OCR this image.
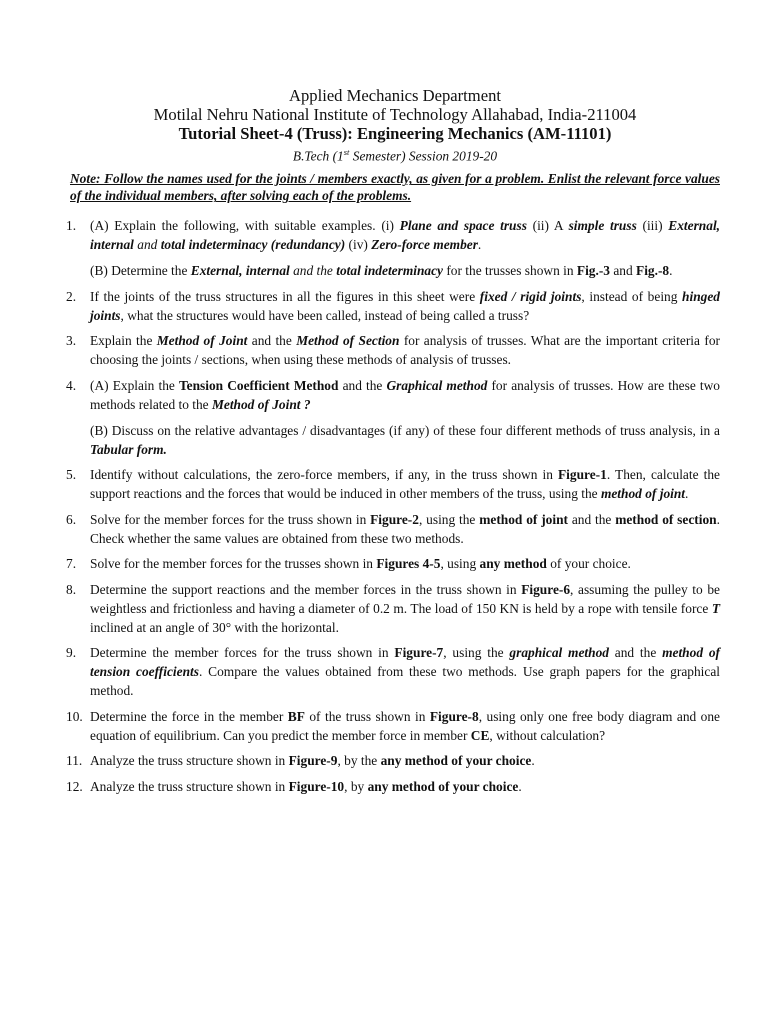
Applied Mechanics Department
Motilal Nehru National Institute of Technology Allahabad, India-211004
Tutorial Sheet-4 (Truss): Engineering Mechanics (AM-11101)
B.Tech (1st Semester) Session 2019-20
Note: Follow the names used for the joints / members exactly, as given for a problem. Enlist the relevant force values of the individual members, after solving each of the problems.
1.	(A) Explain the following, with suitable examples. (i) Plane and space truss (ii) A simple truss (iii) External, internal and total indeterminacy (redundancy) (iv) Zero-force member.

(B) Determine the External, internal and the total indeterminacy for the trusses shown in Fig.-3 and Fig.-8.

2.	If the joints of the truss structures in all the figures in this sheet were fixed / rigid joints, instead of being hinged joints, what the structures would have been called, instead of being called a truss?

3.	Explain the Method of Joint and the Method of Section for analysis of trusses. What are the important criteria for choosing the joints / sections, when using these methods of analysis of trusses.

4.	(A) Explain the Tension Coefficient Method and the Graphical method for analysis of trusses. How are these two methods related to the Method of Joint ?

(B) Discuss on the relative advantages / disadvantages (if any) of these four different methods of truss analysis, in a Tabular form.

5.	Identify without calculations, the zero-force members, if any, in the truss shown in Figure-1. Then, calculate the support reactions and the forces that would be induced in other members of the truss, using the method of joint.

6.	Solve for the member forces for the truss shown in Figure-2, using the method of joint and the method of section. Check whether the same values are obtained from these two methods.

7.	Solve for the member forces for the trusses shown in Figures 4-5, using any method of your choice.

8.	Determine the support reactions and the member forces in the truss shown in Figure-6, assuming the pulley to be weightless and frictionless and having a diameter of 0.2 m. The load of 150 KN is held by a rope with tensile force T inclined at an angle of 30° with the horizontal.

9.	Determine the member forces for the truss shown in Figure-7, using the graphical method and the method of tension coefficients. Compare the values obtained from these two methods. Use graph papers for the graphical method.

10. Determine the force in the member BF of the truss shown in Figure-8, using only one free body diagram and one equation of equilibrium. Can you predict the member force in member CE, without calculation?

11. Analyze the truss structure shown in Figure-9, by the any method of your choice.

12. Analyze the truss structure shown in Figure-10, by any method of your choice.
